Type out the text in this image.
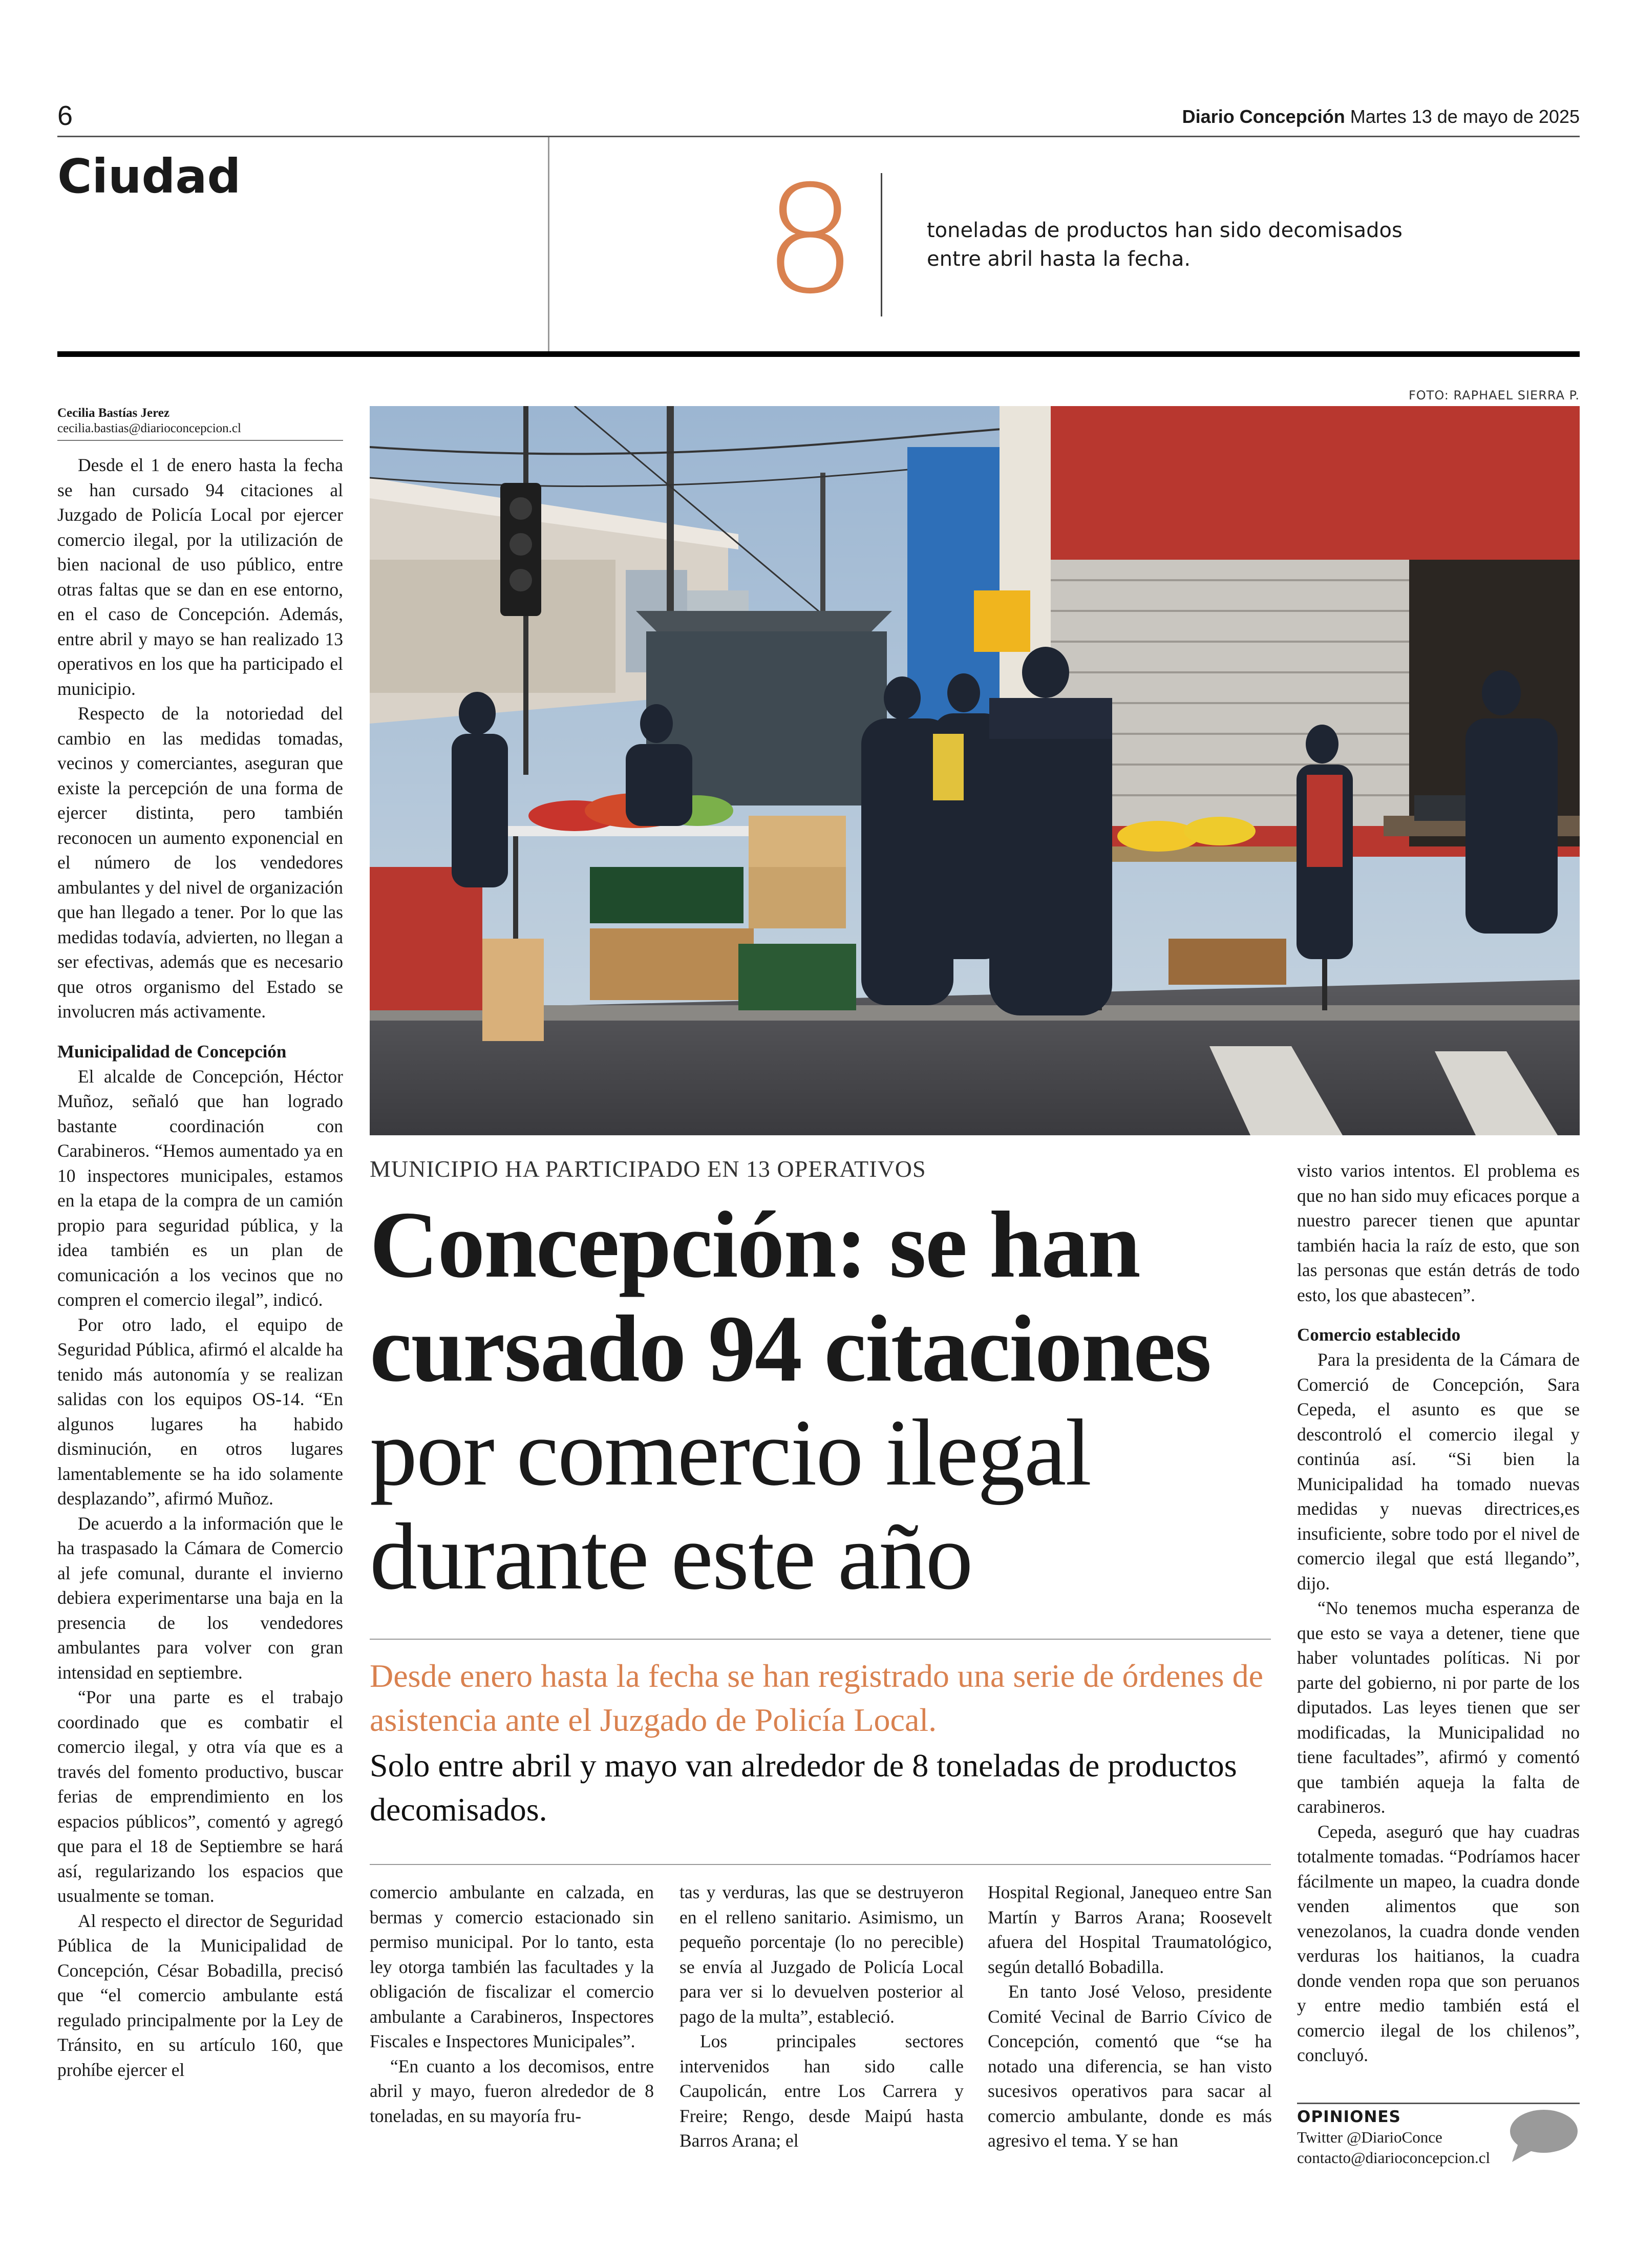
6	Diario Concepción Martes 13 de mayo de 2025
Ciudad	8	toneladas de productos han sido decomisados entre abril hasta la fecha.
FOTO: RAPHAEL SIERRA P.
Cecilia Bastías Jerez
cecilia.bastias@diarioconcepcion.cl

Desde el 1 de enero hasta la fecha se han cursado 94 citaciones al Juzgado de Policía Local por ejercer comercio ilegal, por la utilización de bien nacional de uso público, entre otras faltas que se dan en ese entorno, en el caso de Concepción. Además, entre abril y mayo se han realizado 13 operativos en los que ha participado el municipio.

Respecto de la notoriedad del cambio en las medidas tomadas, vecinos y comerciantes, aseguran que existe la percepción de una forma de ejercer distinta, pero también reconocen un aumento exponencial en el número de los vendedores ambulantes y del nivel de organización que han llegado a tener. Por lo que las medidas todavía, advierten, no llegan a ser efectivas, además que es necesario que otros organismo del Estado se involucren más activamente.

Municipalidad de Concepción

El alcalde de Concepción, Héctor Muñoz, señaló que han logrado bastante coordinación con Carabineros. “Hemos aumentado ya en 10 inspectores municipales, estamos en la etapa de la compra de un camión propio para seguridad pública, y la idea también es un plan de comunicación a los vecinos que no compren el comercio ilegal”, indicó.

Por otro lado, el equipo de Seguridad Pública, afirmó el alcalde ha tenido más autonomía y se realizan salidas con los equipos OS-14. “En algunos lugares ha habido disminución, en otros lugares lamentablemente se ha ido solamente desplazando”, afirmó Muñoz.

De acuerdo a la información que le ha traspasado la Cámara de Comercio al jefe comunal, durante el invierno debiera experimentarse una baja en la presencia de los vendedores ambulantes para volver con gran intensidad en septiembre.

“Por una parte es el trabajo coordinado que es combatir el comercio ilegal, y otra vía que es a través del fomento productivo, buscar ferias de emprendimiento en los espacios públicos”, comentó y agregó que para el 18 de Septiembre se hará así, regularizando los espacios que usualmente se toman.

Al respecto el director de Seguridad Pública de la Municipalidad de Concepción, César Bobadilla, precisó que “el comercio ambulante está regulado principalmente por la Ley de Tránsito, en su artículo 160, que prohíbe ejercer el

MUNICIPIO HA PARTICIPADO EN 13 OPERATIVOS
Concepción: se han
cursado 94 citaciones
por comercio ilegal
durante este año
Desde enero hasta la fecha se han registrado una serie de órdenes de asistencia ante el Juzgado de Policía Local.
Solo entre abril y mayo van alrededor de 8 toneladas de productos decomisados.

comercio ambulante en calzada, en bermas y comercio estacionado sin permiso municipal. Por lo tanto, esta ley otorga también las facultades y la obligación de fiscalizar el comercio ambulante a Carabineros, Inspectores Fiscales e Inspectores Municipales”.

“En cuanto a los decomisos, entre abril y mayo, fueron alrededor de 8 toneladas, en su mayoría fru-

tas y verduras, las que se destruyeron en el relleno sanitario. Asimismo, un pequeño porcentaje (lo no perecible) se envía al Juzgado de Policía Local para ver si lo devuelven posterior al pago de la multa”, estableció.

Los principales sectores intervenidos han sido calle Caupolicán, entre Los Carrera y Freire; Rengo, desde Maipú hasta Barros Arana; el

Hospital Regional, Janequeo entre San Martín y Barros Arana; Roosevelt afuera del Hospital Traumatológico, según detalló Bobadilla.

En tanto José Veloso, presidente Comité Vecinal de Barrio Cívico de Concepción, comentó que “se ha notado una diferencia, se han visto sucesivos operativos para sacar al comercio ambulante, donde es más agresivo el tema. Y se han

visto varios intentos. El problema es que no han sido muy eficaces porque a nuestro parecer tienen que apuntar también hacia la raíz de esto, que son las personas que están detrás de todo esto, los que abastecen”.

Comercio establecido

Para la presidenta de la Cámara de Comerció de Concepción, Sara Cepeda, el asunto es que se descontroló el comercio ilegal y continúa así. “Si bien la Municipalidad ha tomado nuevas medidas y nuevas directrices,es insuficiente, sobre todo por el nivel de comercio ilegal que está llegando”, dijo.

“No tenemos mucha esperanza de que esto se vaya a detener, tiene que haber voluntades políticas. Ni por parte del gobierno, ni por parte de los diputados. Las leyes tienen que ser modificadas, la Municipalidad no tiene facultades”, afirmó y comentó que también aqueja la falta de carabineros.

Cepeda, aseguró que hay cuadras totalmente tomadas. “Podríamos hacer fácilmente un mapeo, la cuadra donde venden alimentos que son venezolanos, la cuadra donde venden verduras los haitianos, la cuadra donde venden ropa que son peruanos y entre medio también está el comercio ilegal de los chilenos”, concluyó.

OPINIONES
Twitter @DiarioConce
contacto@diarioconcepcion.cl
